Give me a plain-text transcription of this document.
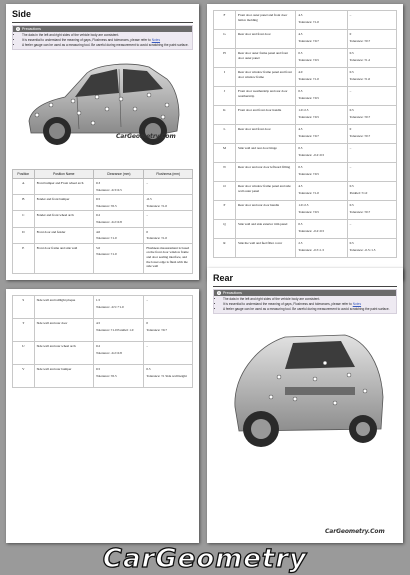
Side
i Precautions
• The data in the left and right sides of the vehicle body are consistent.
• It is essential to understand the meaning of gaps, Flushness and tolerances, please refer to Notes
• A feeler gauge can be used as a measuring tool. Be careful during measurement to avoid scratching the paint surface.
CarGeometry.Com
Position	Position Name	Clearance (mm)	Flushness (mm)
A	Front bumper and Front wheel arch	0.3
Tolerance: -0.3~0.5	–

B	Fender and front bumper	0.5
Tolerance: ±0.5	-0.5
Tolerance: ±1.0

C	Fender and front wheel arch	0.2
Tolerance: -0.2~0.8	–

D	Front door and fender	4.0
Tolerance: ±1.0	0
Tolerance: ±1.0

E	Front door frame and side wall	5.0
Tolerance: ±1.0	Flushness measurement is based on the front door window frame and door sealing interface, and the lower edge is flush with the side wall
F	Front door outer panel and front door lattice molding	4.5
Tolerance: ±1.0	–

G	Rear door and front door	4.5
Tolerance: ±0.7	0
Tolerance: ±0.7

H	Rear door outer frame panel and front door outer panel	0.5
Tolerance: ±0.5	0.5
Tolerance: ±1.2

I	Rear door window frame panel and front door window frame	4.0
Tolerance: ±1.0	0.5
Tolerance: ±1.0

J	Front door weatherstrip and rear door weatherstrip	0.5
Tolerance: ±0.5	–

K	Front door and front door handle	1.0~2.5
Tolerance: ±0.5	0.5
Tolerance: ±0.7

L	Rear door and front door	4.5
Tolerance: ±0.7	0
Tolerance: ±0.7

M	Side wall and rear door hinge	0.5
Tolerance: -0.2~0.5	–

N	Rear door and rear door leftward filling	0.5
Tolerance: ±0.5	–

O	Rear door window frame panel and side wall outer panel	4.5
Tolerance: ±1.0	0.5
Parallel: ±1.0

P	Rear door and rear door handle	1.0~2.5
Tolerance: ±0.5	0.5
Tolerance: ±0.7

Q	Side wall and side exterior trim panel	0.5
Tolerance: -0.2~0.5	–

R	Side the wall and fuel filler cover	2.5
Tolerance: -0.5~1.5	0.5
Tolerance: -0.5~1.5
S	Side wall and taillight plaque	1.5
Tolerance: -0.5~+1.0	–

T	Side wall and rear door	4.5
Tolerance: ±1.0 Parallel: 1.0	0
Tolerance: ±0.7

U	Side wall and rear wheel arch	0.2
Tolerance: -0.2~0.8	–

V	Side wall and rear bumper	0.5
Tolerance: ±0.5	0.5
Tolerance: ±1 Side wall height
Rear
i Precautions
• The data in the left and right sides of the vehicle body are consistent.
• It is essential to understand the meaning of gaps, Flushness and tolerances, please refer to Notes
• A feeler gauge can be used as a measuring tool. Be careful during measurement to avoid scratching the paint surface.
CarGeometry.Com
CarGeometry
